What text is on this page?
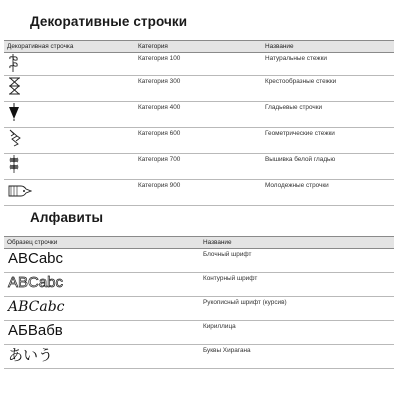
Декоративные строчки
Декоративная строчка	Категория	Название

	Категория 100	Натуральные стежки

	Категория 300	Крестообразные стежки

	Категория 400	Гладьевые строчки

	Категория 600	Геометрические стежки

	Категория 700	Вышивка белой гладью

	Категория 900	Молодежные строчки
Алфавиты
Образец строчки	Название
ABCabc	Блочный шрифт
ABCabc	Контурный шрифт
ABCabc	Рукописный шрифт (курсив)
АБВабв	Кириллица
あいう	Буквы Хирагана
